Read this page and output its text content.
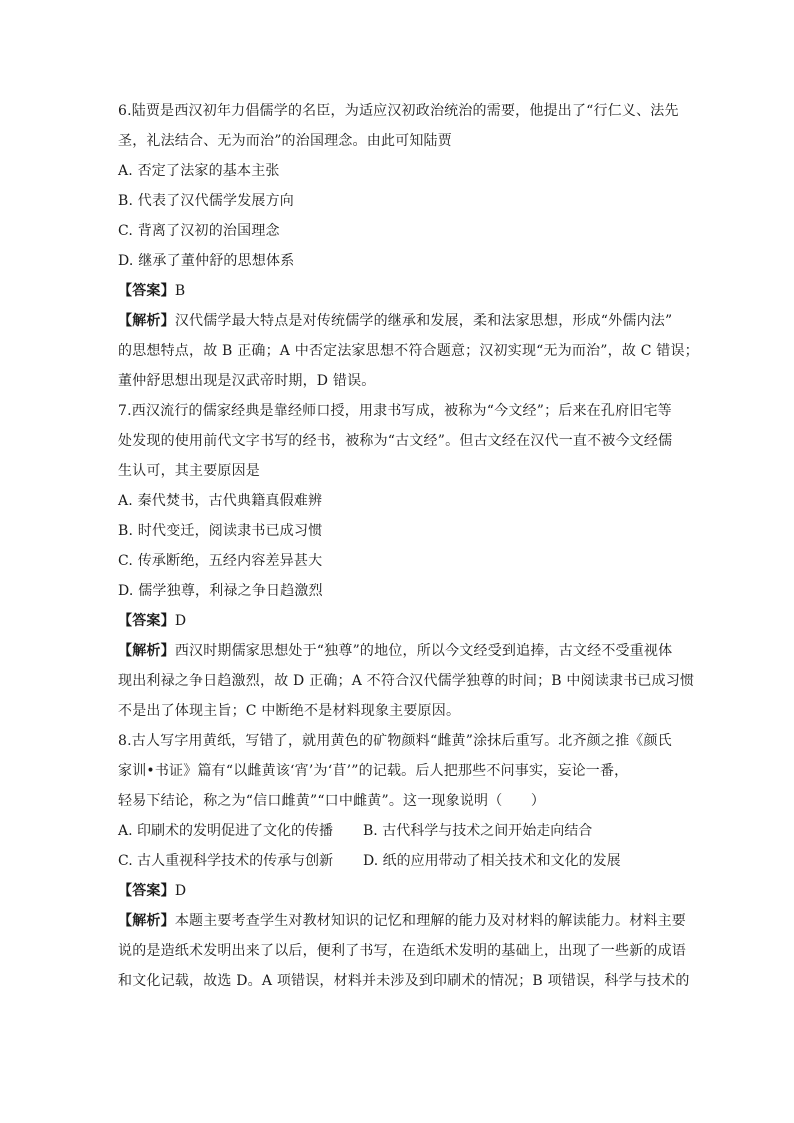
6.陆贾是西汉初年力倡儒学的名臣，为适应汉初政治统治的需要，他提出了“行仁义、法先
圣，礼法结合、无为而治”的治国理念。由此可知陆贾
A. 否定了法家的基本主张
B. 代表了汉代儒学发展方向
C. 背离了汉初的治国理念
D. 继承了董仲舒的思想体系
【答案】B
【解析】汉代儒学最大特点是对传统儒学的继承和发展，柔和法家思想，形成“外儒内法”
的思想特点，故 B 正确；A 中否定法家思想不符合题意；汉初实现“无为而治”，故 C 错误；
董仲舒思想出现是汉武帝时期，D 错误。
7.西汉流行的儒家经典是靠经师口授，用隶书写成，被称为“今文经”；后来在孔府旧宅等
处发现的使用前代文字书写的经书，被称为“古文经”。但古文经在汉代一直不被今文经儒
生认可，其主要原因是
A. 秦代焚书，古代典籍真假难辨
B. 时代变迁，阅读隶书已成习惯
C. 传承断绝，五经内容差异甚大
D. 儒学独尊，利禄之争日趋激烈
【答案】D
【解析】西汉时期儒家思想处于“独尊”的地位，所以今文经受到追捧，古文经不受重视体
现出利禄之争日趋激烈，故 D 正确；A 不符合汉代儒学独尊的时间；B 中阅读隶书已成习惯
不是出了体现主旨；C 中断绝不是材料现象主要原因。
8.古人写字用黄纸，写错了，就用黄色的矿物颜料“雌黄”涂抹后重写。北齐颜之推《颜氏
家训•书证》篇有“以雌黄该‘宵’为‘苜’”的记载。后人把那些不问事实，妄论一番，
轻易下结论，称之为“信口雌黄”“口中雌黄”。这一现象说明（　　）
A. 印刷术的发明促进了文化的传播	B. 古代科学与技术之间开始走向结合
C. 古人重视科学技术的传承与创新	D. 纸的应用带动了相关技术和文化的发展
【答案】D
【解析】本题主要考查学生对教材知识的记忆和理解的能力及对材料的解读能力。材料主要
说的是造纸术发明出来了以后，便利了书写，在造纸术发明的基础上，出现了一些新的成语
和文化记载，故选 D。A 项错误，材料并未涉及到印刷术的情况；B 项错误，科学与技术的
